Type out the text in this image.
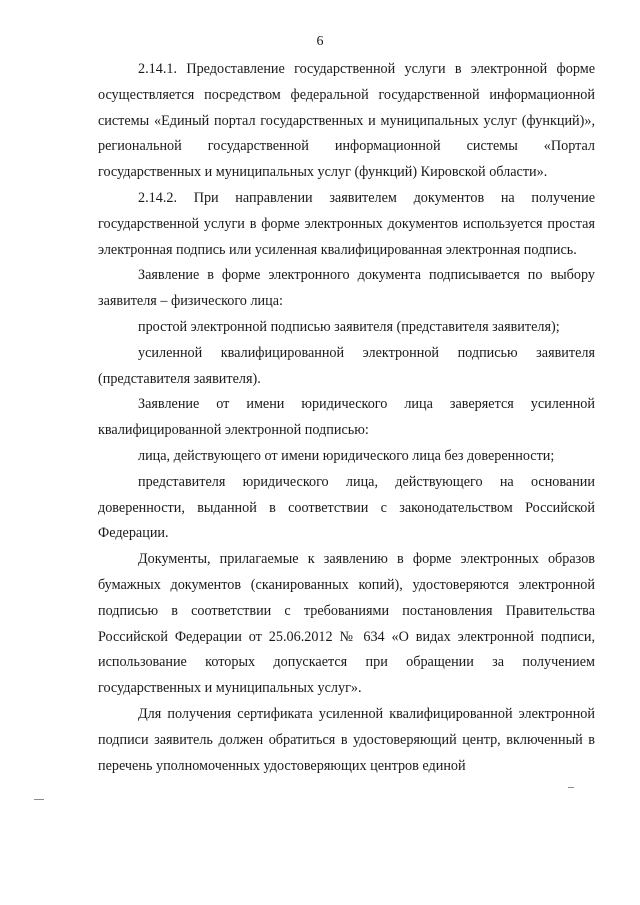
6

2.14.1. Предоставление государственной услуги в электронной форме осуществляется посредством федеральной государственной информационной системы «Единый портал государственных и муниципальных услуг (функций)», региональной государственной информационной системы «Портал государственных и муниципальных услуг (функций) Кировской области».

2.14.2. При направлении заявителем документов на получение государственной услуги в форме электронных документов используется простая электронная подпись или усиленная квалифицированная электронная подпись.

Заявление в форме электронного документа подписывается по выбору заявителя – физического лица:

простой электронной подписью заявителя (представителя заявителя);

усиленной квалифицированной электронной подписью заявителя (представителя заявителя).

Заявление от имени юридического лица заверяется усиленной квалифицированной электронной подписью:

лица, действующего от имени юридического лица без доверенности;

представителя юридического лица, действующего на основании доверенности, выданной в соответствии с законодательством Российской Федерации.

Документы, прилагаемые к заявлению в форме электронных образов бумажных документов (сканированных копий), удостоверяются электронной подписью в соответствии с требованиями постановления Правительства Российской Федерации от 25.06.2012 № 634 «О видах электронной подписи, использование которых допускается при обращении за получением государственных и муниципальных услуг».

Для получения сертификата усиленной квалифицированной электронной подписи заявитель должен обратиться в удостоверяющий центр, включенный в перечень уполномоченных удостоверяющих центров единой
